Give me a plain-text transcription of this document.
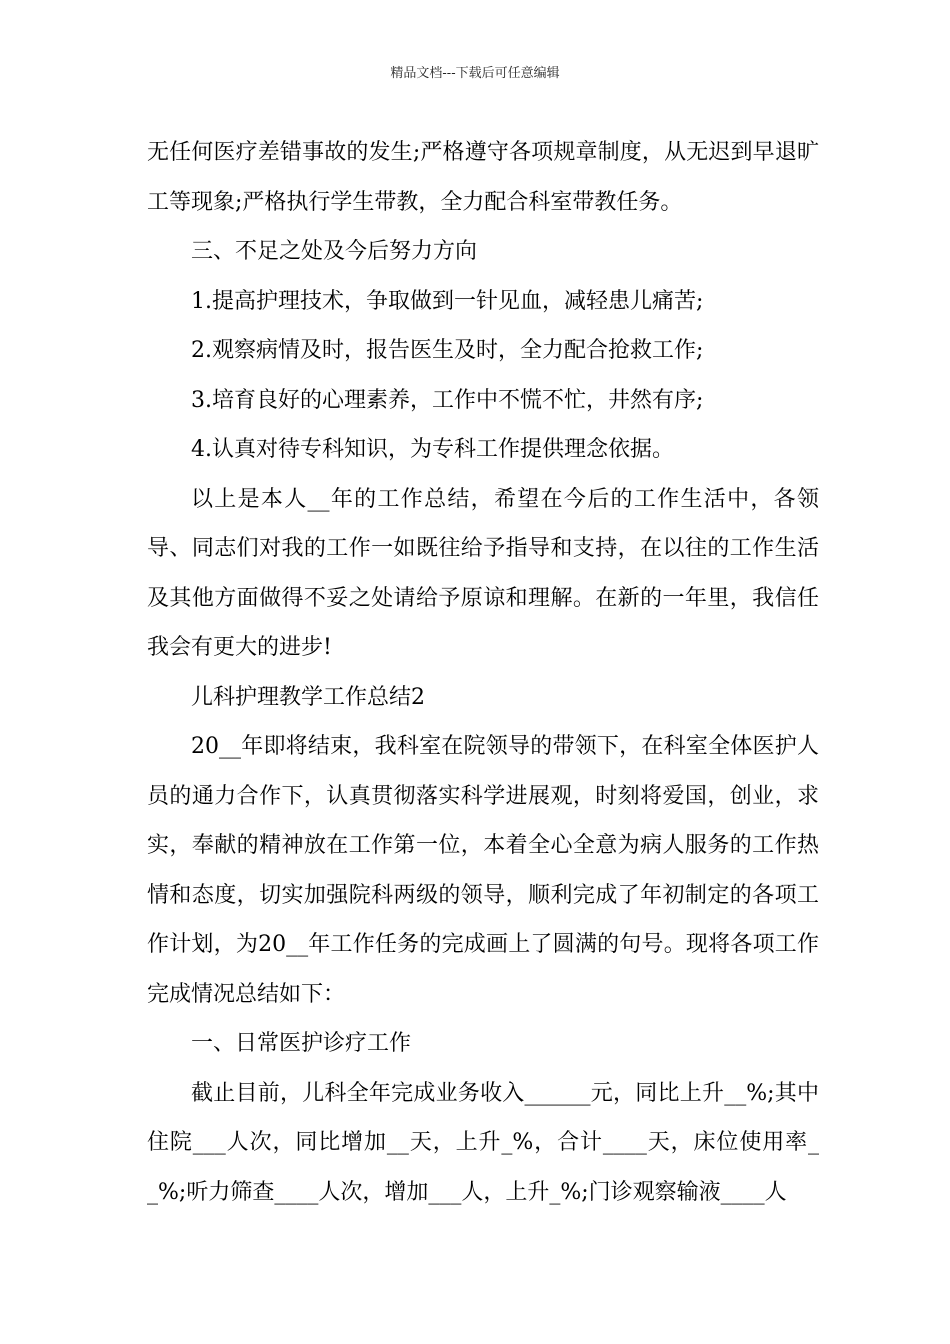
精品文档---下载后可任意编辑

无任何医疗差错事故的发生;严格遵守各项规章制度，从无迟到早退旷工等现象;严格执行学生带教，全力配合科室带教任务。

三、不足之处及今后努力方向

1.提高护理技术，争取做到一针见血，减轻患儿痛苦;

2.观察病情及时，报告医生及时，全力配合抢救工作;

3.培育良好的心理素养，工作中不慌不忙，井然有序;

4.认真对待专科知识，为专科工作提供理念依据。

以上是本人__年的工作总结，希望在今后的工作生活中，各领导、同志们对我的工作一如既往给予指导和支持，在以往的工作生活及其他方面做得不妥之处请给予原谅和理解。在新的一年里，我信任我会有更大的进步!

儿科护理教学工作总结2

20__年即将结束，我科室在院领导的带领下，在科室全体医护人员的通力合作下，认真贯彻落实科学进展观，时刻将爱国，创业，求实，奉献的精神放在工作第一位，本着全心全意为病人服务的工作热情和态度，切实加强院科两级的领导，顺利完成了年初制定的各项工作计划，为20__年工作任务的完成画上了圆满的句号。现将各项工作完成情况总结如下：

一、日常医护诊疗工作

截止目前，儿科全年完成业务收入______元，同比上升__%;其中住院___人次，同比增加__天，上升_%，合计____天，床位使用率__%;听力筛查____人次，增加___人，上升_%;门诊观察输液____人
